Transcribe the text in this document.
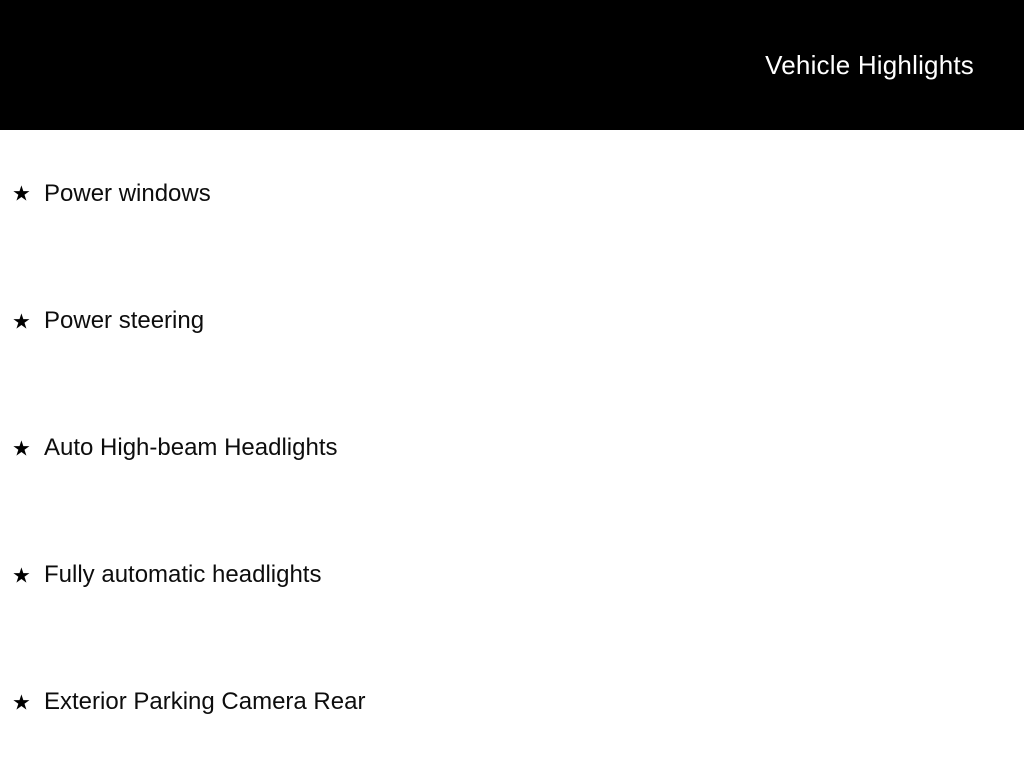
Vehicle Highlights
★ Power windows
★ Power steering
★ Auto High-beam Headlights
★ Fully automatic headlights
★ Exterior Parking Camera Rear
